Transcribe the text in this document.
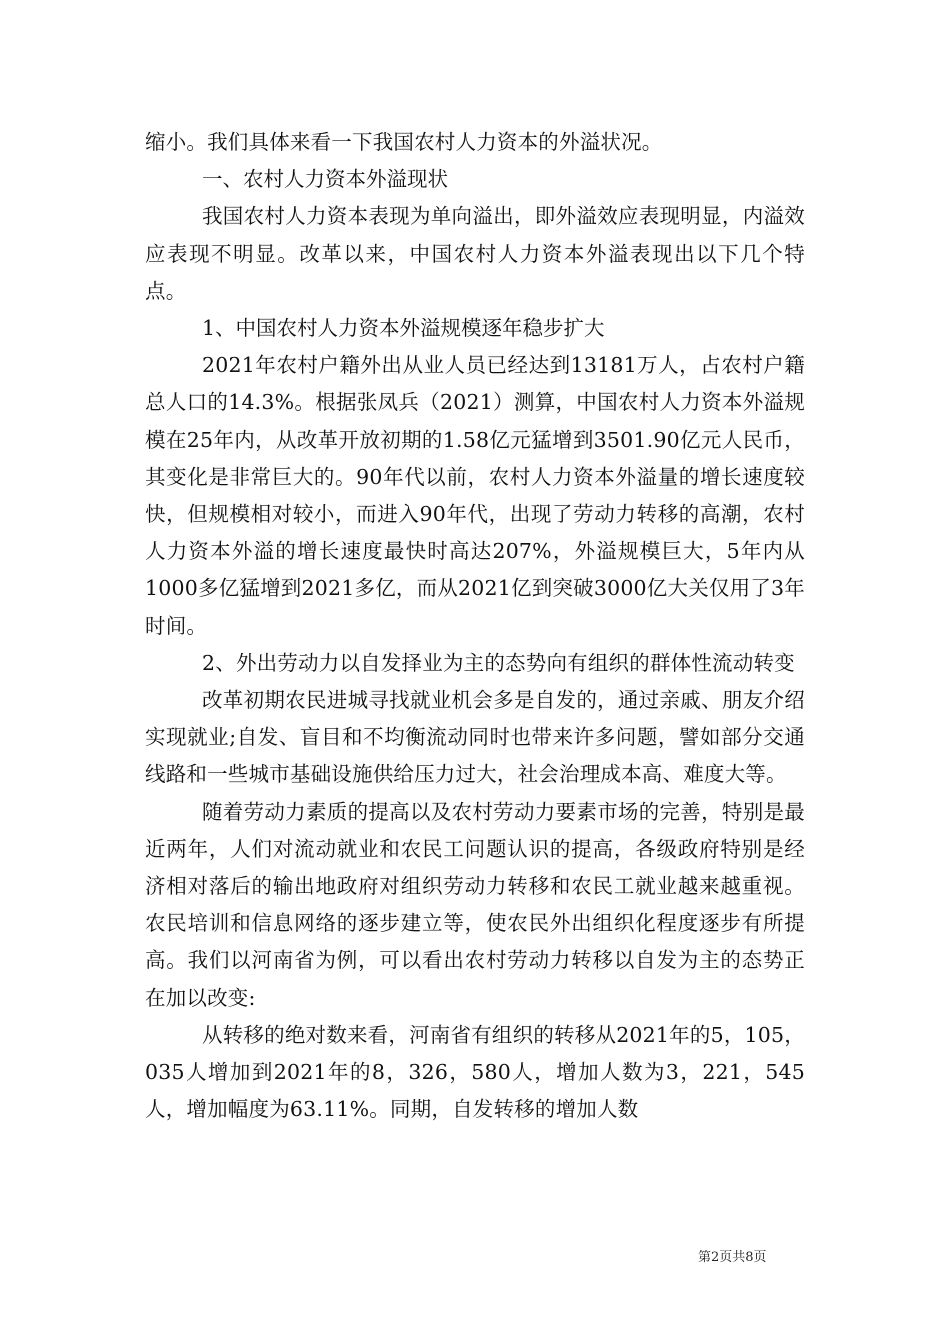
缩小。我们具体来看一下我国农村人力资本的外溢状况。

一、农村人力资本外溢现状

我国农村人力资本表现为单向溢出，即外溢效应表现明显，内溢效应表现不明显。改革以来，中国农村人力资本外溢表现出以下几个特点。

1、中国农村人力资本外溢规模逐年稳步扩大

2021年农村户籍外出从业人员已经达到13181万人，占农村户籍总人口的14.3%。根据张凤兵（2021）测算，中国农村人力资本外溢规模在25年内，从改革开放初期的1.58亿元猛增到3501.90亿元人民币，其变化是非常巨大的。90年代以前，农村人力资本外溢量的增长速度较快，但规模相对较小，而进入90年代，出现了劳动力转移的高潮，农村人力资本外溢的增长速度最快时高达207%，外溢规模巨大，5年内从1000多亿猛增到2021多亿，而从2021亿到突破3000亿大关仅用了3年时间。

2、外出劳动力以自发择业为主的态势向有组织的群体性流动转变

改革初期农民进城寻找就业机会多是自发的，通过亲戚、朋友介绍实现就业;自发、盲目和不均衡流动同时也带来许多问题，譬如部分交通线路和一些城市基础设施供给压力过大，社会治理成本高、难度大等。

随着劳动力素质的提高以及农村劳动力要素市场的完善，特别是最近两年，人们对流动就业和农民工问题认识的提高，各级政府特别是经济相对落后的输出地政府对组织劳动力转移和农民工就业越来越重视。农民培训和信息网络的逐步建立等，使农民外出组织化程度逐步有所提高。我们以河南省为例，可以看出农村劳动力转移以自发为主的态势正在加以改变:

从转移的绝对数来看，河南省有组织的转移从2021年的5，105，035人增加到2021年的8，326，580人，增加人数为3，221，545人，增加幅度为63.11%。同期，自发转移的增加人数

第2页共8页
